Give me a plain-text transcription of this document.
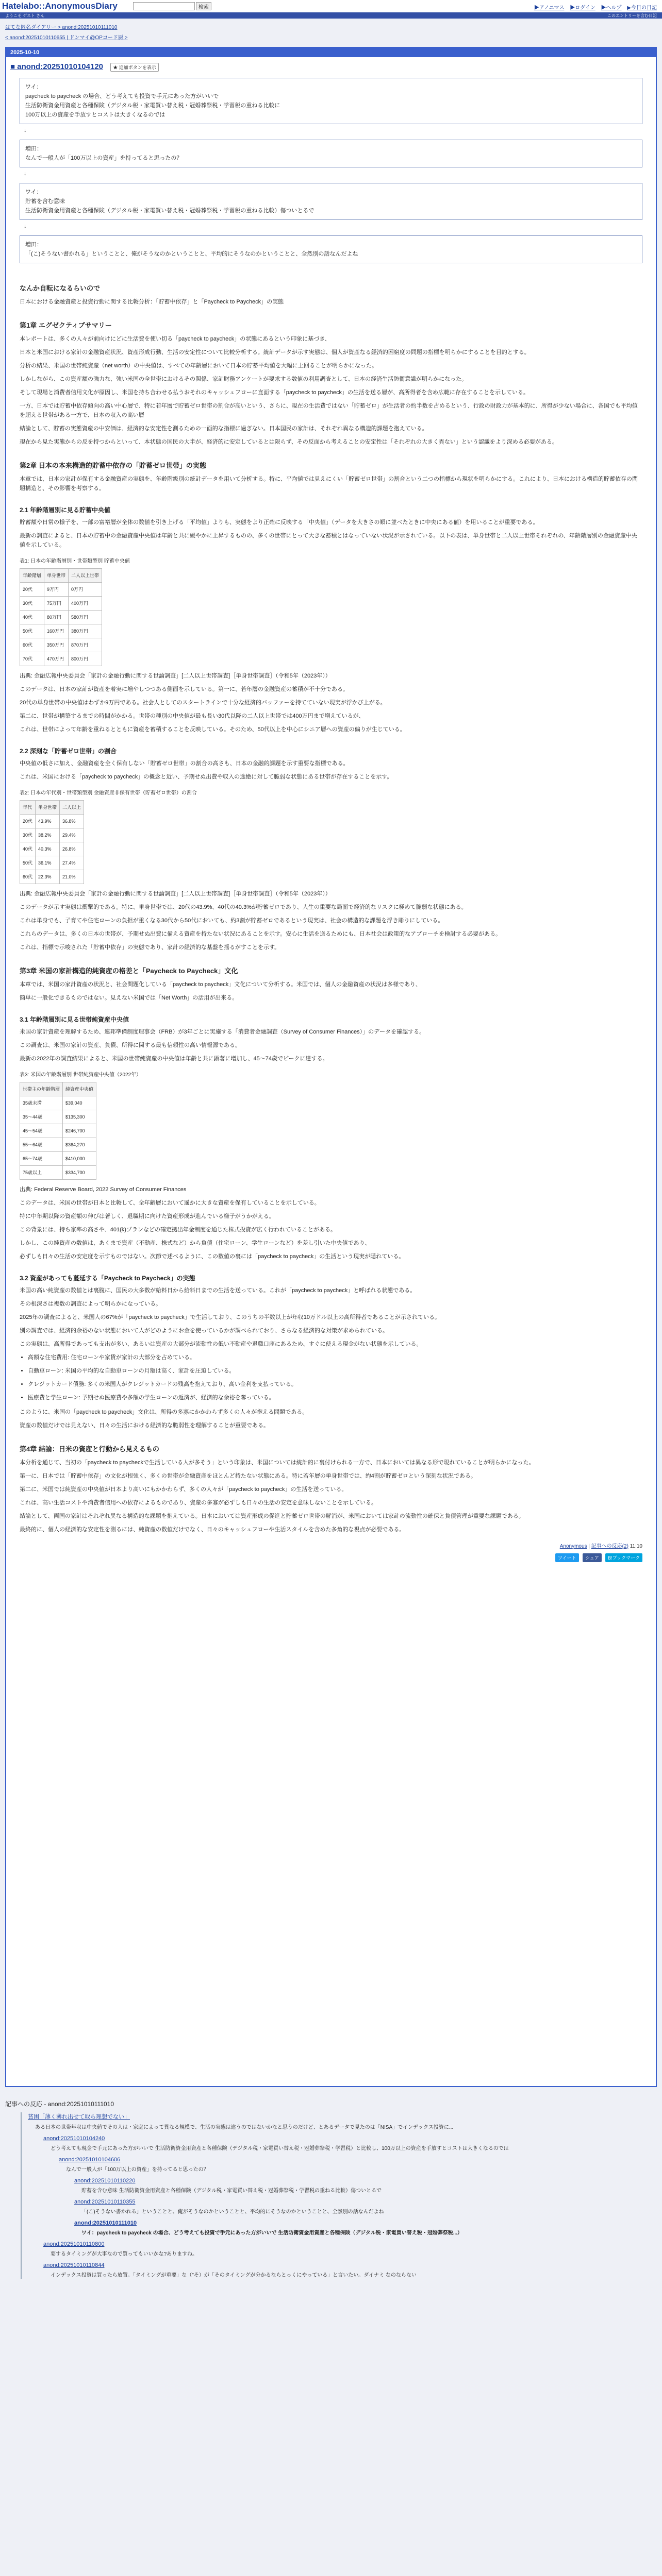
Hatelabo::AnonymousDiary	検索	▶アノニマス ▶ログイン ▶ヘルプ ▶今日の日記
ようこそ ゲスト さん	このエントリーを含む日記
はてな匿名ダイアリー > anond:20251010111010
< anond:20251010110655 | ドンマイ@OPコード厨 >
2025-10-10
■ anond:20251010104120 ★ 追加ボタンを表示

ワイ：

paycheck to paycheck の場合、どう考えても投資で手元にあった方がいいで

生活防衛資金用資産と各種保険（デジタル税・家電買い替え税・冠婚葬祭税・学習税の重ねる比較に

100万以上の資産を手放すとコストは大きくなるのでは

↓

増田：

なんで一般人が「100万以上の資産」を持ってると思ったの？

↓

ワイ：

貯蓄を含む意味

生活防衛資金用資産と各種保険（デジタル税・家電買い替え税・冠婚葬祭税・学習税の重ねる比較）傷ついとるで

↓

増田：

「(こ)そうない書かれる」ということと、俺がそうなのかということと、平均的にそうなのかということと、全然別の話なんだよね

なんか自転になるらいので

日本における金融資産と投資行動に関する比較分析：「貯蓄中依存」と「Paycheck to Paycheck」の実態

第1章 エグゼクティブサマリー

本レポートは、多くの人々が前向けにどに生活費を使い切る「paycheck to paycheck」の状態にあるという印象に基づき、

日本と米国における家計の金融資産状況、資産形成行動、生活の安定性について比較分析する。統計データが示す実態は、個人が資産なる経済的困窮度の問題の指標を明らかにすることを目的とする。

分析の結果、米国の世帯純資産（net worth）の中央値は、すべての年齢層において日本の貯蓄平均値を大幅に上回ることが明らかになった。

しかしながら、この資産額の強力な、強い米国の全世帯におけるその関係、家計財務アンケートが要求する数値の利用調査として、日本の経済生活防衛意識が明らかになった。

そして現場と消費者信用文化が原因し、米国を持ち合わせる払うおそれのキャッシュフローに直面する「paycheck to paycheck」の生活を送る層が、高所得者を含め広範に存在することを示している。

一方、日本では貯蓄中依存傾向の高い中心層で、特に若年層で貯蓄ゼロ世帯の割合が高いという、さらに、現在の生活費ではない「貯蓄ゼロ」が生活者の約半数を占めるという、行政の財政力が基本的に、所得が少ない場合に、各国でも平均値を超える世帯がある一方で、日本の収入の高い層

結論として、貯蓄の実態資産の中安価は、経済的な安定性を測るための一面的な指標に過ぎない。日本国民の家計は、それぞれ異なる構造的課題を抱えている。

現在から見た実態からの反を持つからといって、本状態の国民の大半が、経済的に安定しているとは限らず、その反面から考えることの安定性は「それぞれの大きく異ない」という認識をより深める必要がある。

第2章 日本の本来構造的貯蓄中依存の「貯蓄ゼロ世帯」の実態

本章では、日本の家計が保有する金融資産の実態を、年齢階級別の統計データを用いて分析する。特に、平均値では見えにくい「貯蓄ゼロ世帯」の割合という二つの指標から現状を明らかにする。これにより、日本における構造的貯蓄依存の問題構造と、その影響を考察する。

2.1 年齢階層別に見る貯蓄中央値

貯蓄額や日常の様子を、一部の富裕層が全体の数値を引き上げる「平均値」よりも、実態をより正確に反映する「中央値」（データを大きさの順に並べたときに中央にある値）を用いることが重要である。

最新の調査によると、日本の貯蓄中の金融資産中央値は年齢と共に緩やかに上昇するものの、多くの世帯にとって大きな蓄積とはなっていない状況が示されている。以下の表は、単身世帯と二人以上世帯それぞれの、年齢階層別の金融資産中央値を示している。

表1: 日本の年齢階層別・世帯類型別 貯蓄中央値
年齢階層	単身世帯	二人以上世帯
20代	9万円	0万円
30代	75万円	400万円
40代	80万円	580万円
50代	160万円	380万円
60代	350万円	870万円
70代	470万円	800万円

出典: 金融広報中央委員会「家計の金融行動に関する世論調査」[二人以上世帯調査]［単身世帯調査］（令和5年（2023年））

このデータは、日本の家計が資産を着実に増やしつつある側面を示している。第一に、若年層の金融資産の蓄積が不十分である。

20代の単身世帯の中央値はわずか9万円である。社会人としてのスタートラインで十分な経済的バッファーを持てていない現実が浮かび上がる。

第二に、世帯が構築するまでの時間がかかる。世帯の種別の中央値が最も長い30代以降の二人以上世帯では400万円まで増えているが、

これは、世帯によって年齢を重ねるとともに資産を蓄積することを反映している。そのため、50代以上を中心にシニア層への資産の偏りが生じている。

2.2 深刻な「貯蓄ゼロ世帯」の割合

中央値の低さに加え、金融資産を全く保有しない「貯蓄ゼロ世帯」の割合の高さも、日本の金融的課題を示す重要な指標である。

これは、米国における「paycheck to paycheck」の概念と近い、予期せぬ出費や収入の途絶に対して脆弱な状態にある世帯が存在することを示す。

表2: 日本の年代別・世帯類型別 金融資産非保有世帯（貯蓄ゼロ世帯）の割合
年代	単身世帯	二人以上
20代	43.9%	36.8%
30代	38.2%	29.4%
40代	40.3%	26.8%
50代	36.1%	27.4%
60代	22.3%	21.0%

出典: 金融広報中央委員会「家計の金融行動に関する世論調査」[二人以上世帯調査]［単身世帯調査］（令和5年（2023年））

このデータが示す実態は衝撃的である。特に、単身世帯では、20代の43.9%、40代の40.3%が貯蓄ゼロであり、人生の重要な局面で経済的なリスクに極めて脆弱な状態にある。

これは単身でも、子育てや住宅ローンの負担が重くなる30代から50代においても、約3割が貯蓄ゼロであるという現実は、社会の構造的な課題を浮き彫りにしている。

これらのデータは、多くの日本の世帯が、予期せぬ出費に備える資産を持たない状況にあることを示す。安心に生活を送るためにも、日本社会は政策的なアプローチを検討する必要がある。

これは、指標で示唆された「貯蓄中依存」の実態であり、家計の経済的な基盤を揺るがすことを示す。

第3章 米国の家計構造的純資産の格差と「Paycheck to Paycheck」文化

本章では、米国の家計資産の状況と、社会問題化している「paycheck to paycheck」文化について分析する。米国では、個人の金融資産の状況は多様であり、

簡単に一般化できるものではない。見えない米国では「Net Worth」の活用が出来る。

3.1 年齢階層別に見る世帯純資産中央値

米国の家計資産を理解するため、連邦準備制度理事会（FRB）が3年ごとに実施する「消費者金融調査（Survey of Consumer Finances）」のデータを確認する。

この調査は、米国の家計の資産、負債、所得に関する最も信頼性の高い情報源である。

最新の2022年の調査結果によると、米国の世帯純資産の中央値は年齢と共に顕著に増加し、45〜74歳でピークに達する。

表3: 米国の年齢階層別 世帯純資産中央値（2022年）
世帯主の年齢階層	純資産中央値
35歳未満	$39,040
35〜44歳	$135,300
45〜54歳	$246,700
55〜64歳	$364,270
65〜74歳	$410,000
75歳以上	$334,700

出典: Federal Reserve Board, 2022 Survey of Consumer Finances

このデータは、米国の世帯が日本と比較して、全年齢層において遥かに大きな資産を保有していることを示している。

特に中年期以降の資産額の伸びは著しく、退職期に向けた資産形成が進んでいる様子がうかがえる。

この背景には、持ち家率の高さや、401(k)プランなどの確定拠出年金制度を通じた株式投資が広く行われていることがある。

しかし、この純資産の数値は、あくまで資産（不動産、株式など）から負債（住宅ローン、学生ローンなど）を差し引いた中央値であり、

必ずしも日々の生活の安定度を示すものではない。次節で述べるように、この数値の裏には「paycheck to paycheck」の生活という現実が隠れている。

3.2 資産があっても蔓延する「Paycheck to Paycheck」の実態

米国の高い純資産の数値とは裏腹に、国民の大多数が給料日から給料日までの生活を送っている。これが「paycheck to paycheck」と呼ばれる状態である。

その根深さは複数の調査によって明らかになっている。

2025年の調査によると、米国人の67%が「paycheck to paycheck」で生活しており、このうちの半数以上が年収10万ドル以上の高所得者であることが示されている。

別の調査では、経済的余裕のない状態において人がどのようにお金を使っているかが調べられており、さらなる経済的な対策が求められている。

この実態は、高所得であっても支出が多い、あるいは資産の大部分が流動性の低い不動産や退職口座にあるため、すぐに使える現金がない状態を示している。

• 高額な住宅費用: 住宅ローンや家賃が家計の大部分を占めている。
• 自動車ローン: 米国の平均的な自動車ローンの月額は高く、家計を圧迫している。
• クレジットカード債務: 多くの米国人がクレジットカードの残高を抱えており、高い金利を支払っている。
• 医療費と学生ローン: 予期せぬ医療費や多額の学生ローンの返済が、経済的な余裕を奪っている。

このように、米国の「paycheck to paycheck」文化は、所得の多寡にかかわらず多くの人々が抱える問題である。

資産の数値だけでは見えない、日々の生活における経済的な脆弱性を理解することが重要である。

第4章 結論：日米の資産と行動から見えるもの

本分析を通じて、当初の「paycheck to paycheckで生活している人が多そう」という印象は、米国については統計的に裏付けられる一方で、日本においては異なる形で現れていることが明らかになった。

第一に、日本では「貯蓄中依存」の文化が根強く、多くの世帯が金融資産をほとんど持たない状態にある。特に若年層の単身世帯では、約4割が貯蓄ゼロという深刻な状況である。

第二に、米国では純資産の中央値が日本より高いにもかかわらず、多くの人々が「paycheck to paycheck」の生活を送っている。

これは、高い生活コストや消費者信用への依存によるものであり、資産の多寡が必ずしも日々の生活の安定を意味しないことを示している。

結論として、両国の家計はそれぞれ異なる構造的な課題を抱えている。日本においては資産形成の促進と貯蓄ゼロ世帯の解消が、米国においては家計の流動性の確保と負債管理が重要な課題である。

最終的に、個人の経済的な安定性を測るには、純資産の数値だけでなく、日々のキャッシュフローや生活スタイルを含めた多角的な視点が必要である。

Anonymous | 記事への反応(2) 11:10
ツイート シェア B!ブックマーク
記事への反応 - anond:20251010111010
貧困「薄く薄れ出せて取ら理想でない」
ある日本の世帯年収は中央値でその人は・家庭によって異なる規模で、生活の実態は違うのではないかなと思うのだけど、とあるデータで見たのは「NISA」でインデックス投資に...
anond:20251010104240
どう考えても現金で手元にあった方がいいで 生活防衛資金用資産と各種保険（デジタル税・家電買い替え税・冠婚葬祭税・学習税）と比較し、100万以上の資産を手放すとコストは大きくなるのでは
anond:20251010104606
なんで一般人が「100万以上の資産」を持ってると思ったの？
anond:20251010110220
貯蓄を含む意味 生活防衛資金用資産と各種保険（デジタル税・家電買い替え税・冠婚葬祭税・学習税の重ねる比較）傷ついとるで
anond:20251010110355
「(こ)そうない書かれる」ということと、俺がそうなのかということと、平均的にそうなのかということと、全然別の話なんだよね
anond:20251010111010
ワイ：paycheck to paycheck の場合、どう考えても投資で手元にあった方がいいで 生活防衛資金用資産と各種保険（デジタル税・家電買い替え税・冠婚葬祭税...）
anond:20251010110800
要するタイミングが大事なので買ってもいいかな?ありますね。
anond:20251010110844
インデックス投資は買ったら放置。「タイミングが重要」な（"そ）が「そのタイミングが分かるならとっくにやっている」と言いたい。ダイナミ なのならない
